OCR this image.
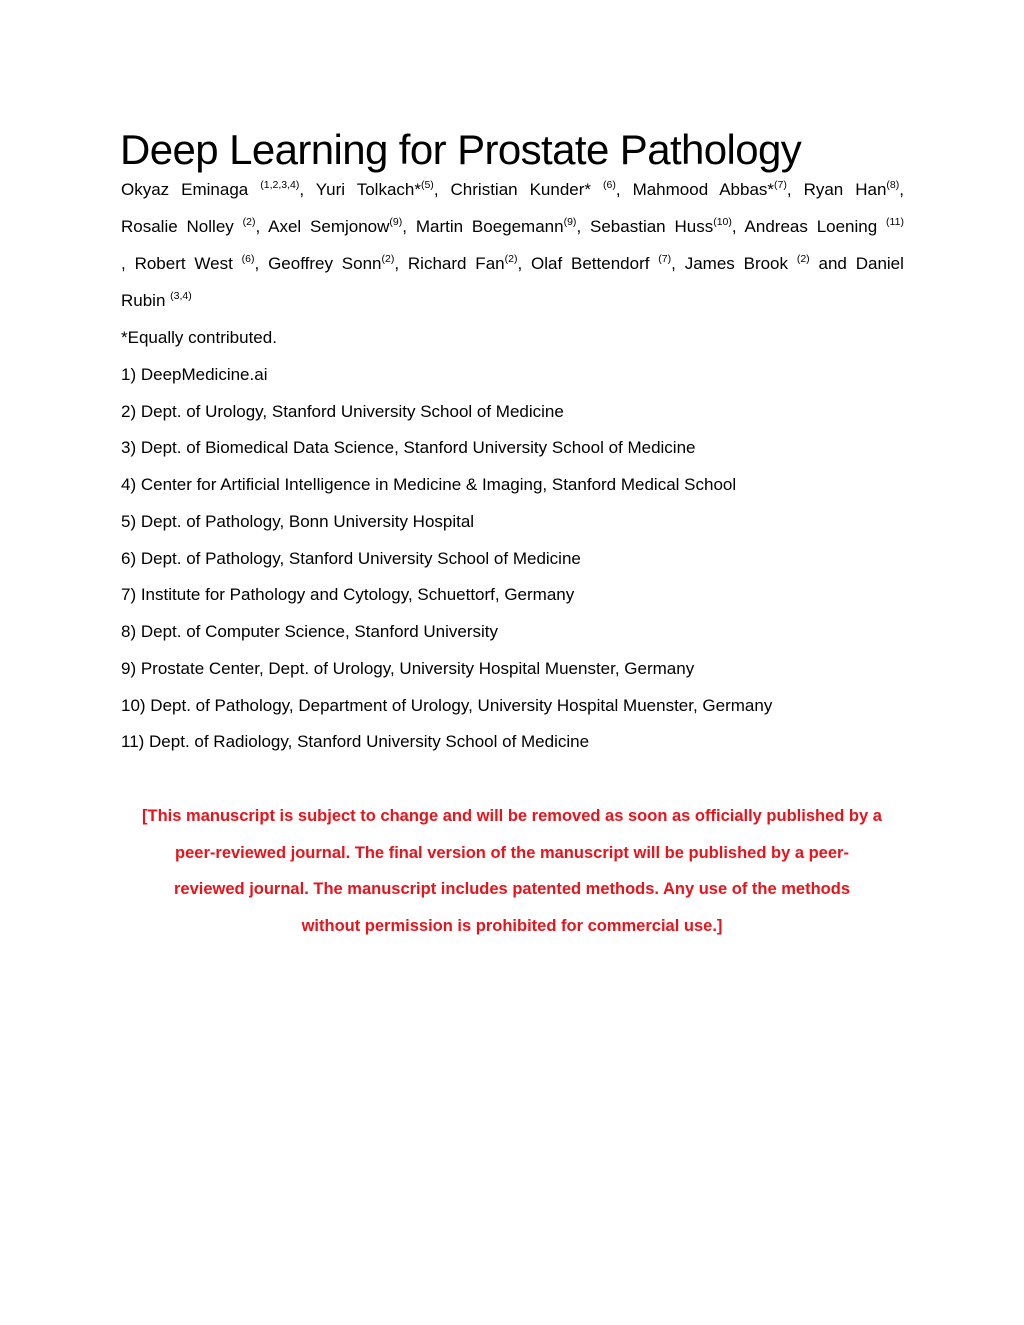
Deep Learning for Prostate Pathology
Okyaz Eminaga $^{(1,2,3,4)}$, Yuri Tolkach*$^{(5)}$, Christian Kunder* $^{(6)}$, Mahmood Abbas*$^{(7)}$, Ryan Han$^{(8)}$,
Rosalie Nolley $^{(2)}$, Axel Semjonow$^{(9)}$, Martin Boegemann$^{(9)}$, Sebastian Huss$^{(10)}$, Andreas Loening $^{(11)}$
, Robert West $^{(6)}$, Geoffrey Sonn$^{(2)}$, Richard Fan$^{(2)}$, Olaf Bettendorf $^{(7)}$, James Brook $^{(2)}$ and Daniel
Rubin $^{(3,4)}$
*Equally contributed.
1) DeepMedicine.ai
2) Dept. of Urology, Stanford University School of Medicine
3) Dept. of Biomedical Data Science, Stanford University School of Medicine
4) Center for Artificial Intelligence in Medicine & Imaging, Stanford Medical School
5) Dept. of Pathology, Bonn University Hospital
6) Dept. of Pathology, Stanford University School of Medicine
7) Institute for Pathology and Cytology, Schuettorf, Germany
8) Dept. of Computer Science, Stanford University
9) Prostate Center, Dept. of Urology, University Hospital Muenster, Germany
10) Dept. of Pathology, Department of Urology, University Hospital Muenster, Germany
11) Dept. of Radiology, Stanford University School of Medicine
[This manuscript is subject to change and will be removed as soon as officially published by a
peer-reviewed journal. The final version of the manuscript will be published by a peer-
reviewed journal. The manuscript includes patented methods. Any use of the methods
without permission is prohibited for commercial use.]
